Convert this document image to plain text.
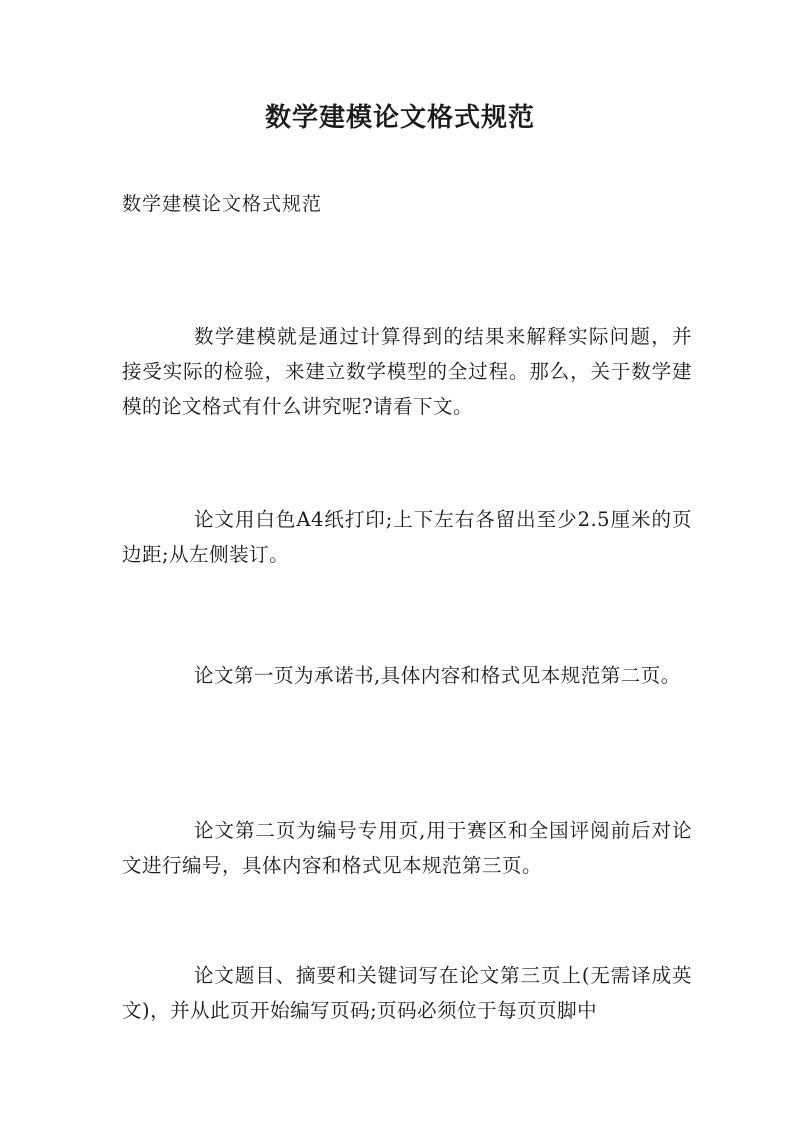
数学建模论文格式规范
数学建模论文格式规范

数学建模就是通过计算得到的结果来解释实际问题，并接受实际的检验，来建立数学模型的全过程。那么，关于数学建模的论文格式有什么讲究呢?请看下文。

论文用白色A4纸打印;上下左右各留出至少2.5厘米的页边距;从左侧装订。

论文第一页为承诺书,具体内容和格式见本规范第二页。

论文第二页为编号专用页,用于赛区和全国评阅前后对论文进行编号，具体内容和格式见本规范第三页。

论文题目、摘要和关键词写在论文第三页上(无需译成英文)，并从此页开始编写页码;页码必须位于每页页脚中
